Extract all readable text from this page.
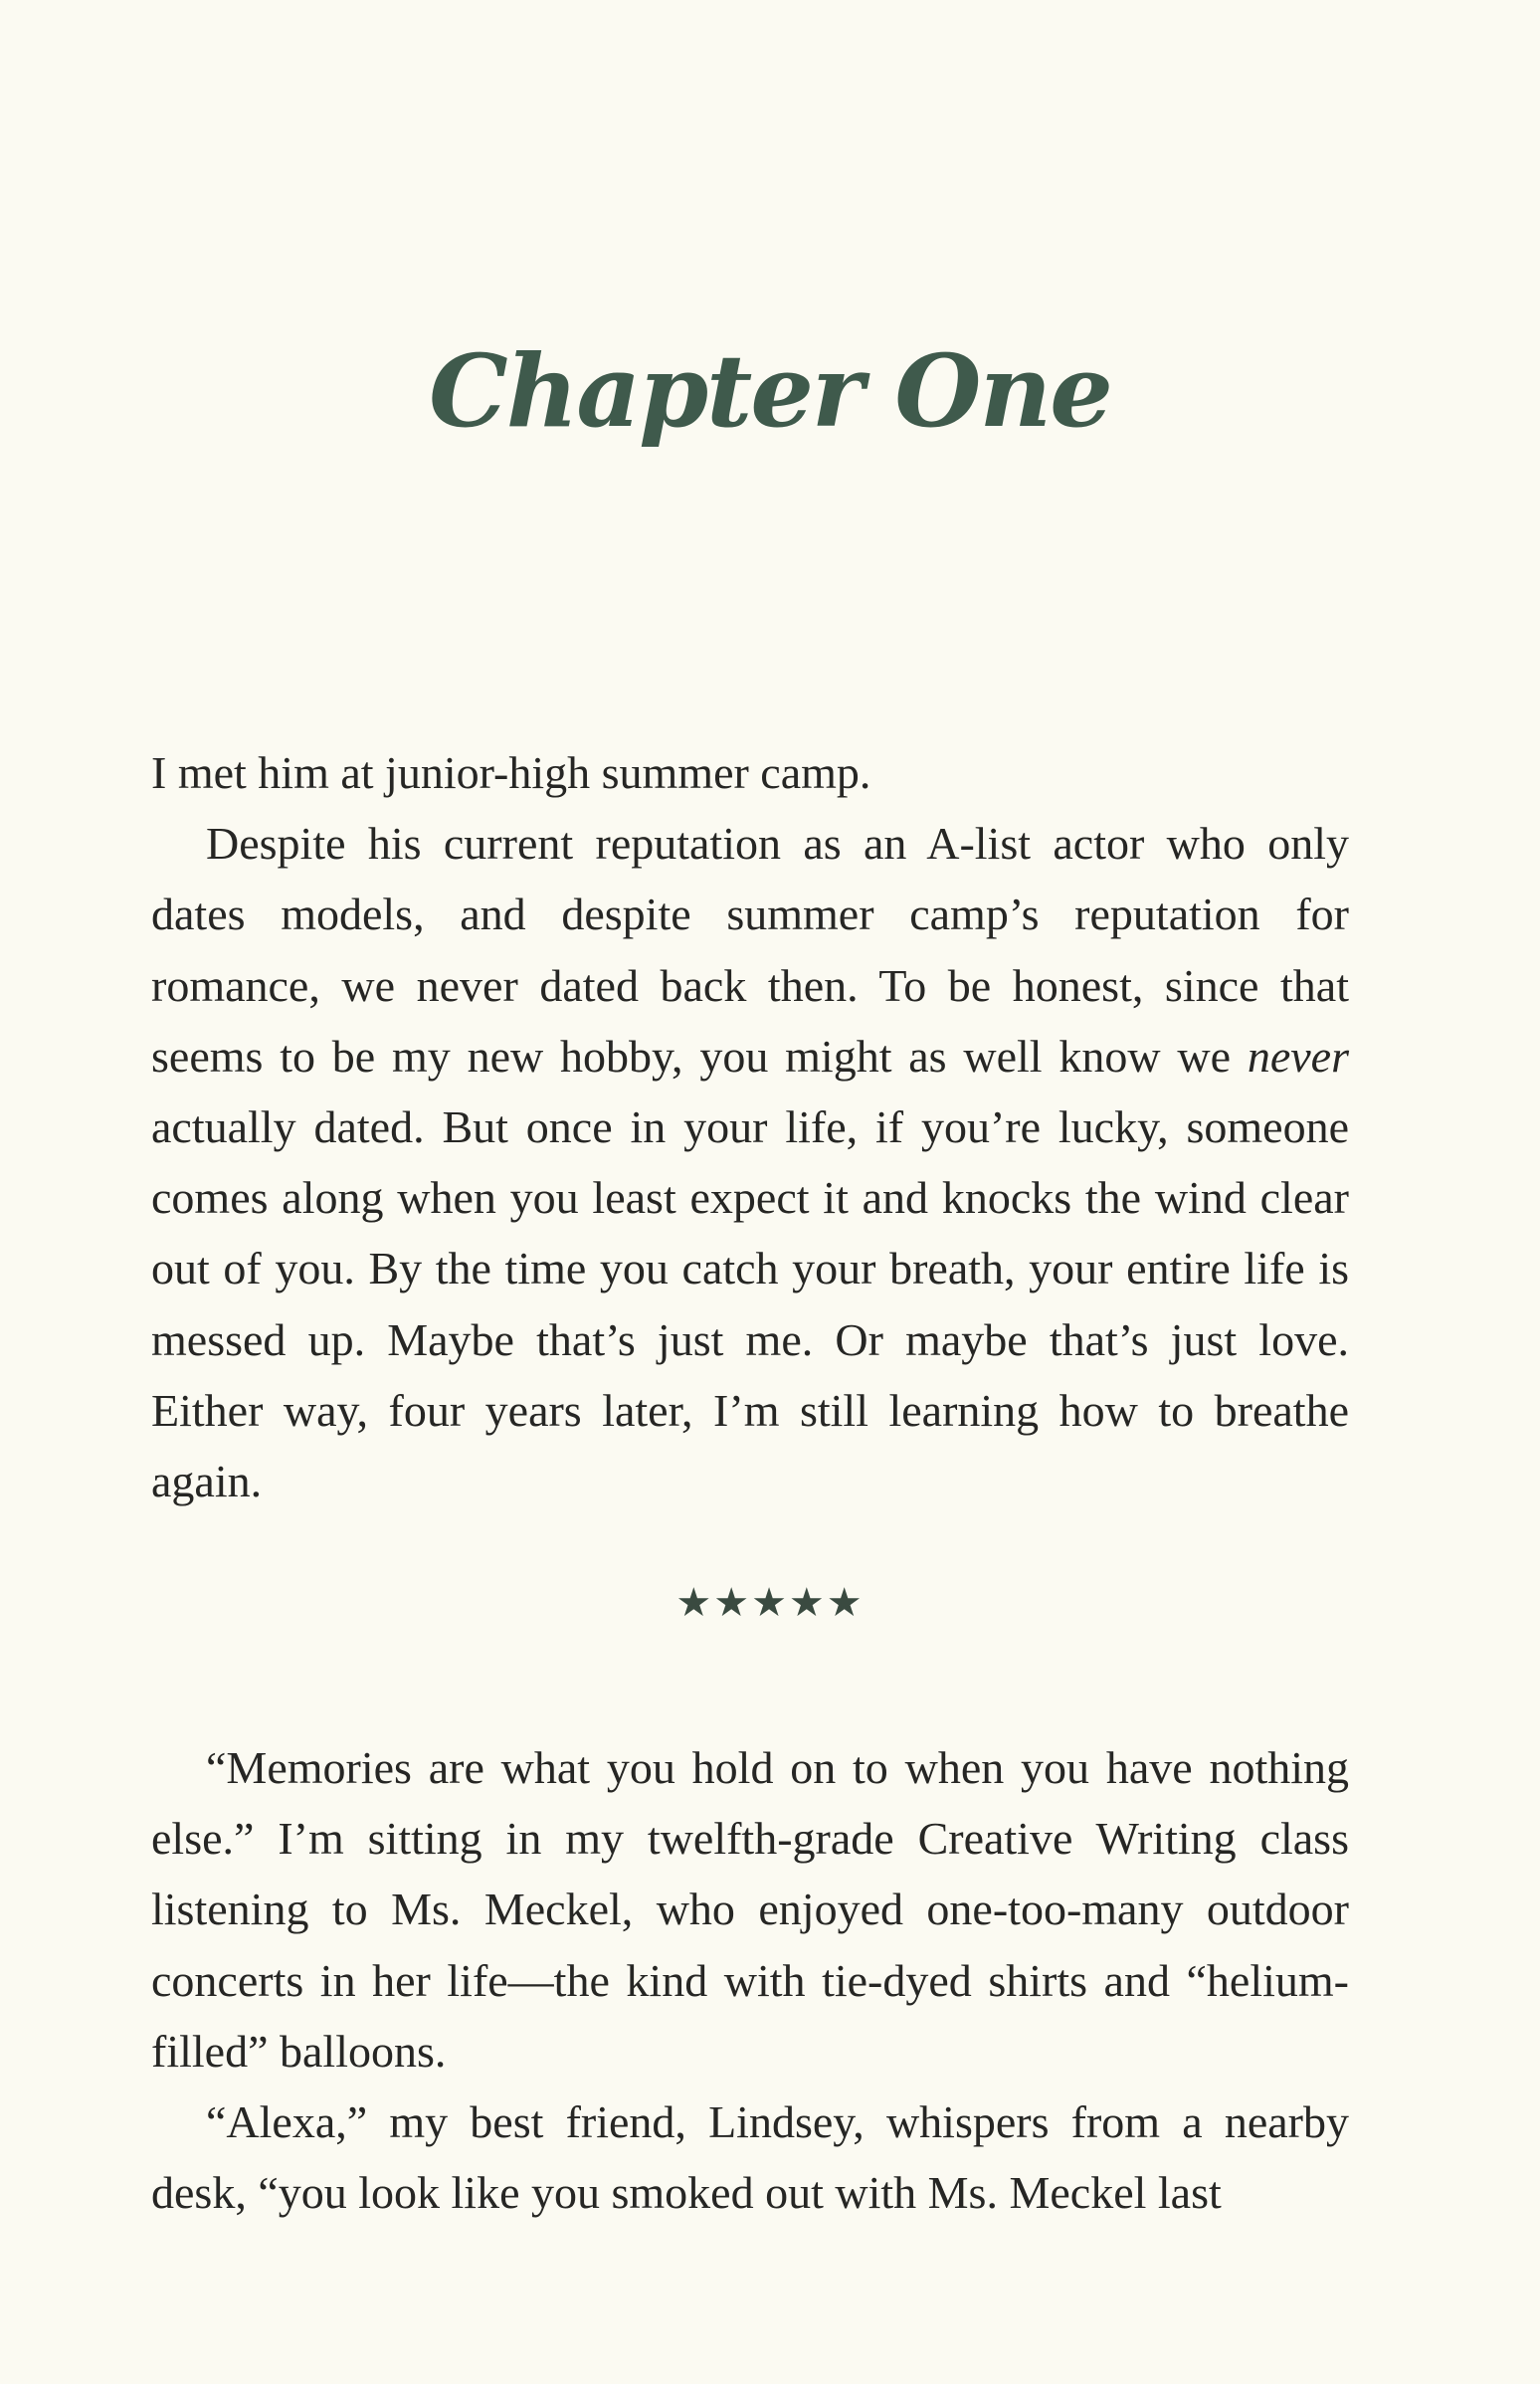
Chapter One

I met him at junior-high summer camp.

Despite his current reputation as an A-list actor who only dates models, and despite summer camp’s reputation for romance, we never dated back then. To be honest, since that seems to be my new hobby, you might as well know we never actually dated. But once in your life, if you’re lucky, someone comes along when you least expect it and knocks the wind clear out of you. By the time you catch your breath, your entire life is messed up. Maybe that’s just me. Or maybe that’s just love. Either way, four years later, I’m still learning how to breathe again.

★★★★★

“Memories are what you hold on to when you have nothing else.” I’m sitting in my twelfth-grade Creative Writing class listening to Ms. Meckel, who enjoyed one-too-many outdoor concerts in her life—the kind with tie-dyed shirts and “helium-filled” balloons.

“Alexa,” my best friend, Lindsey, whispers from a nearby desk, “you look like you smoked out with Ms. Meckel last
